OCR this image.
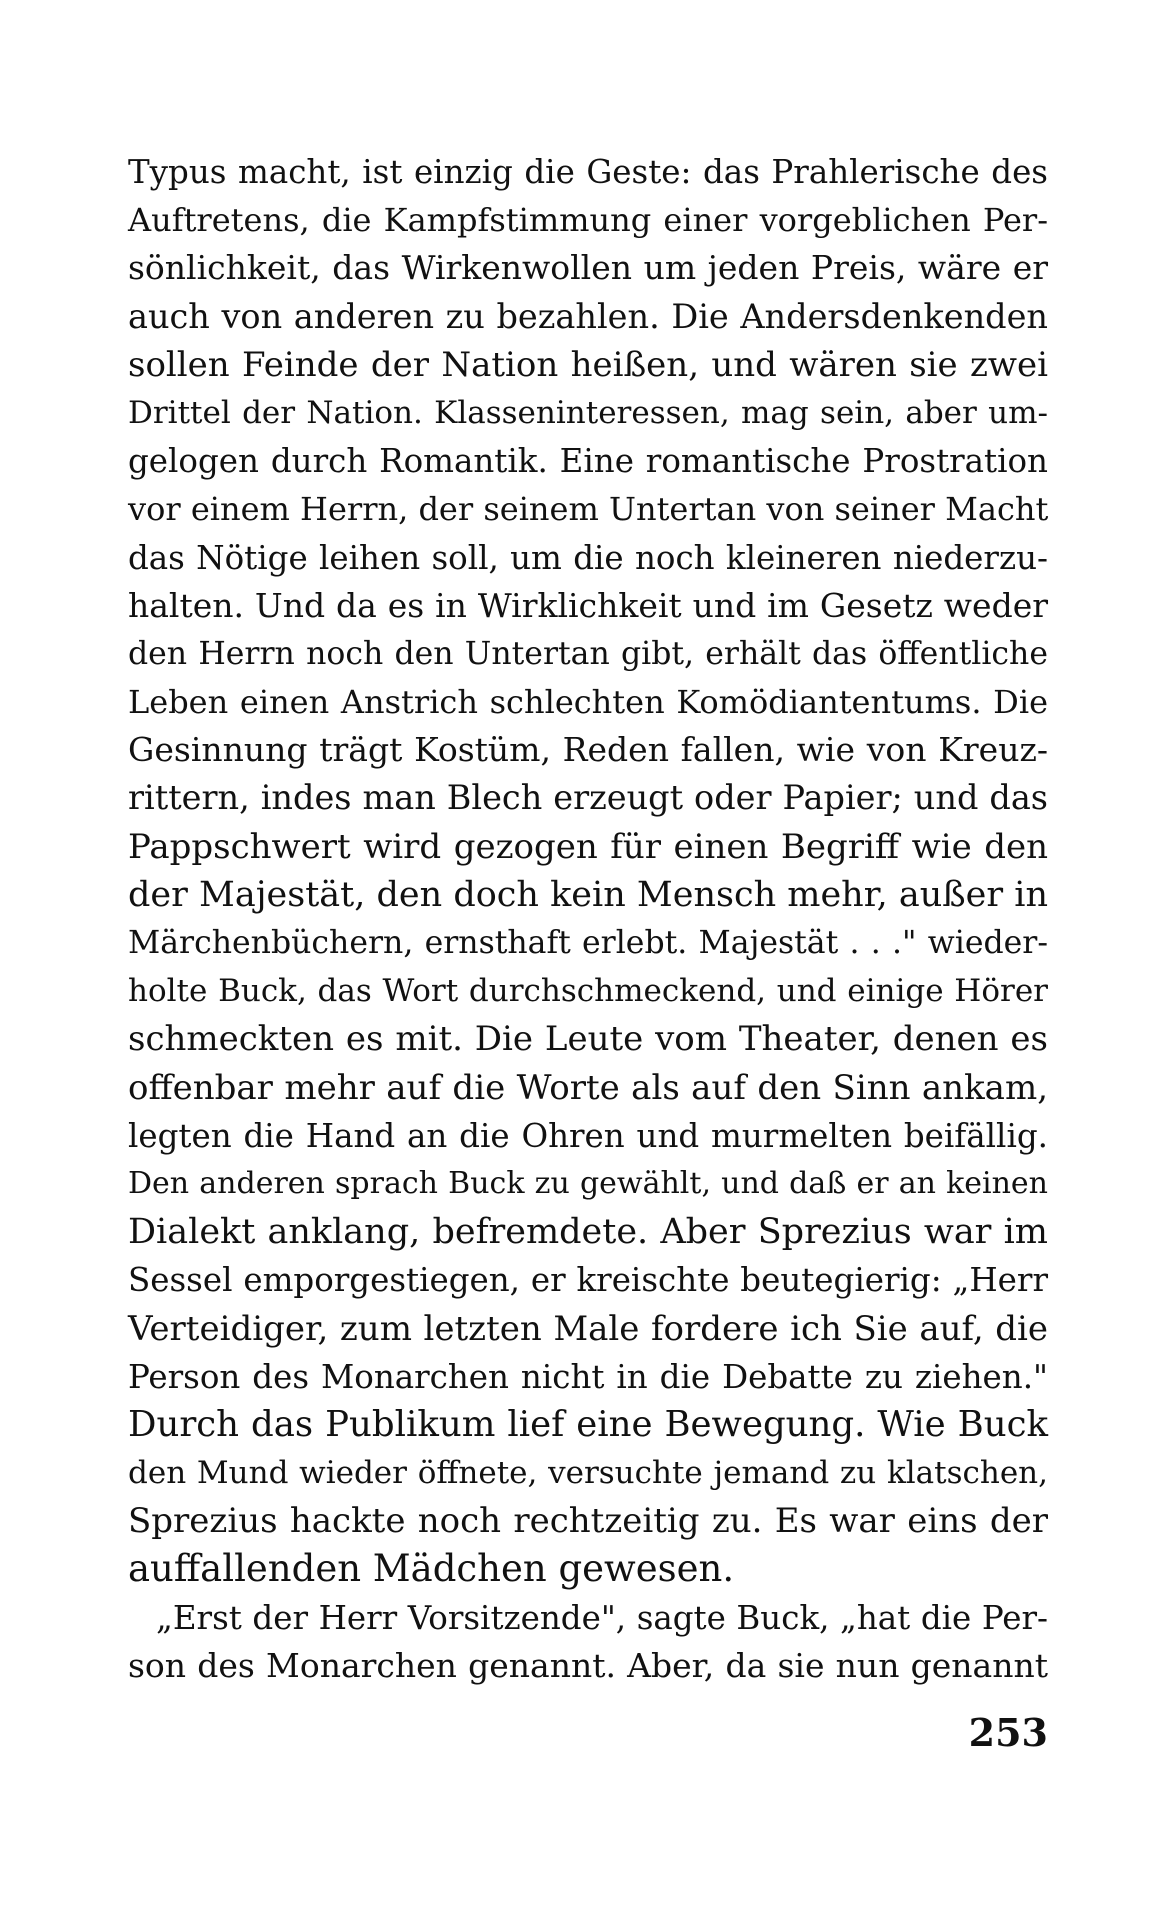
Typus macht, ist einzig die Geste: das Prahlerische des
Auftretens, die Kampfstimmung einer vorgeblichen Per-
sönlichkeit, das Wirkenwollen um jeden Preis, wäre er
auch von anderen zu bezahlen. Die Andersdenkenden
sollen Feinde der Nation heißen, und wären sie zwei
Drittel der Nation. Klasseninteressen, mag sein, aber um-
gelogen durch Romantik. Eine romantische Prostration
vor einem Herrn, der seinem Untertan von seiner Macht
das Nötige leihen soll, um die noch kleineren niederzu-
halten. Und da es in Wirklichkeit und im Gesetz weder
den Herrn noch den Untertan gibt, erhält das öffentliche
Leben einen Anstrich schlechten Komödiantentums. Die
Gesinnung trägt Kostüm, Reden fallen, wie von Kreuz-
rittern, indes man Blech erzeugt oder Papier; und das
Pappschwert wird gezogen für einen Begriff wie den
der Majestät, den doch kein Mensch mehr, außer in
Märchenbüchern, ernsthaft erlebt. Majestät . . ." wieder-
holte Buck, das Wort durchschmeckend, und einige Hörer
schmeckten es mit. Die Leute vom Theater, denen es
offenbar mehr auf die Worte als auf den Sinn ankam,
legten die Hand an die Ohren und murmelten beifällig.
Den anderen sprach Buck zu gewählt, und daß er an keinen
Dialekt anklang, befremdete. Aber Sprezius war im
Sessel emporgestiegen, er kreischte beutegierig: „Herr
Verteidiger, zum letzten Male fordere ich Sie auf, die
Person des Monarchen nicht in die Debatte zu ziehen."
Durch das Publikum lief eine Bewegung. Wie Buck
den Mund wieder öffnete, versuchte jemand zu klatschen,
Sprezius hackte noch rechtzeitig zu. Es war eins der
auffallenden Mädchen gewesen.
„Erst der Herr Vorsitzende", sagte Buck, „hat die Per-
son des Monarchen genannt. Aber, da sie nun genannt
253
